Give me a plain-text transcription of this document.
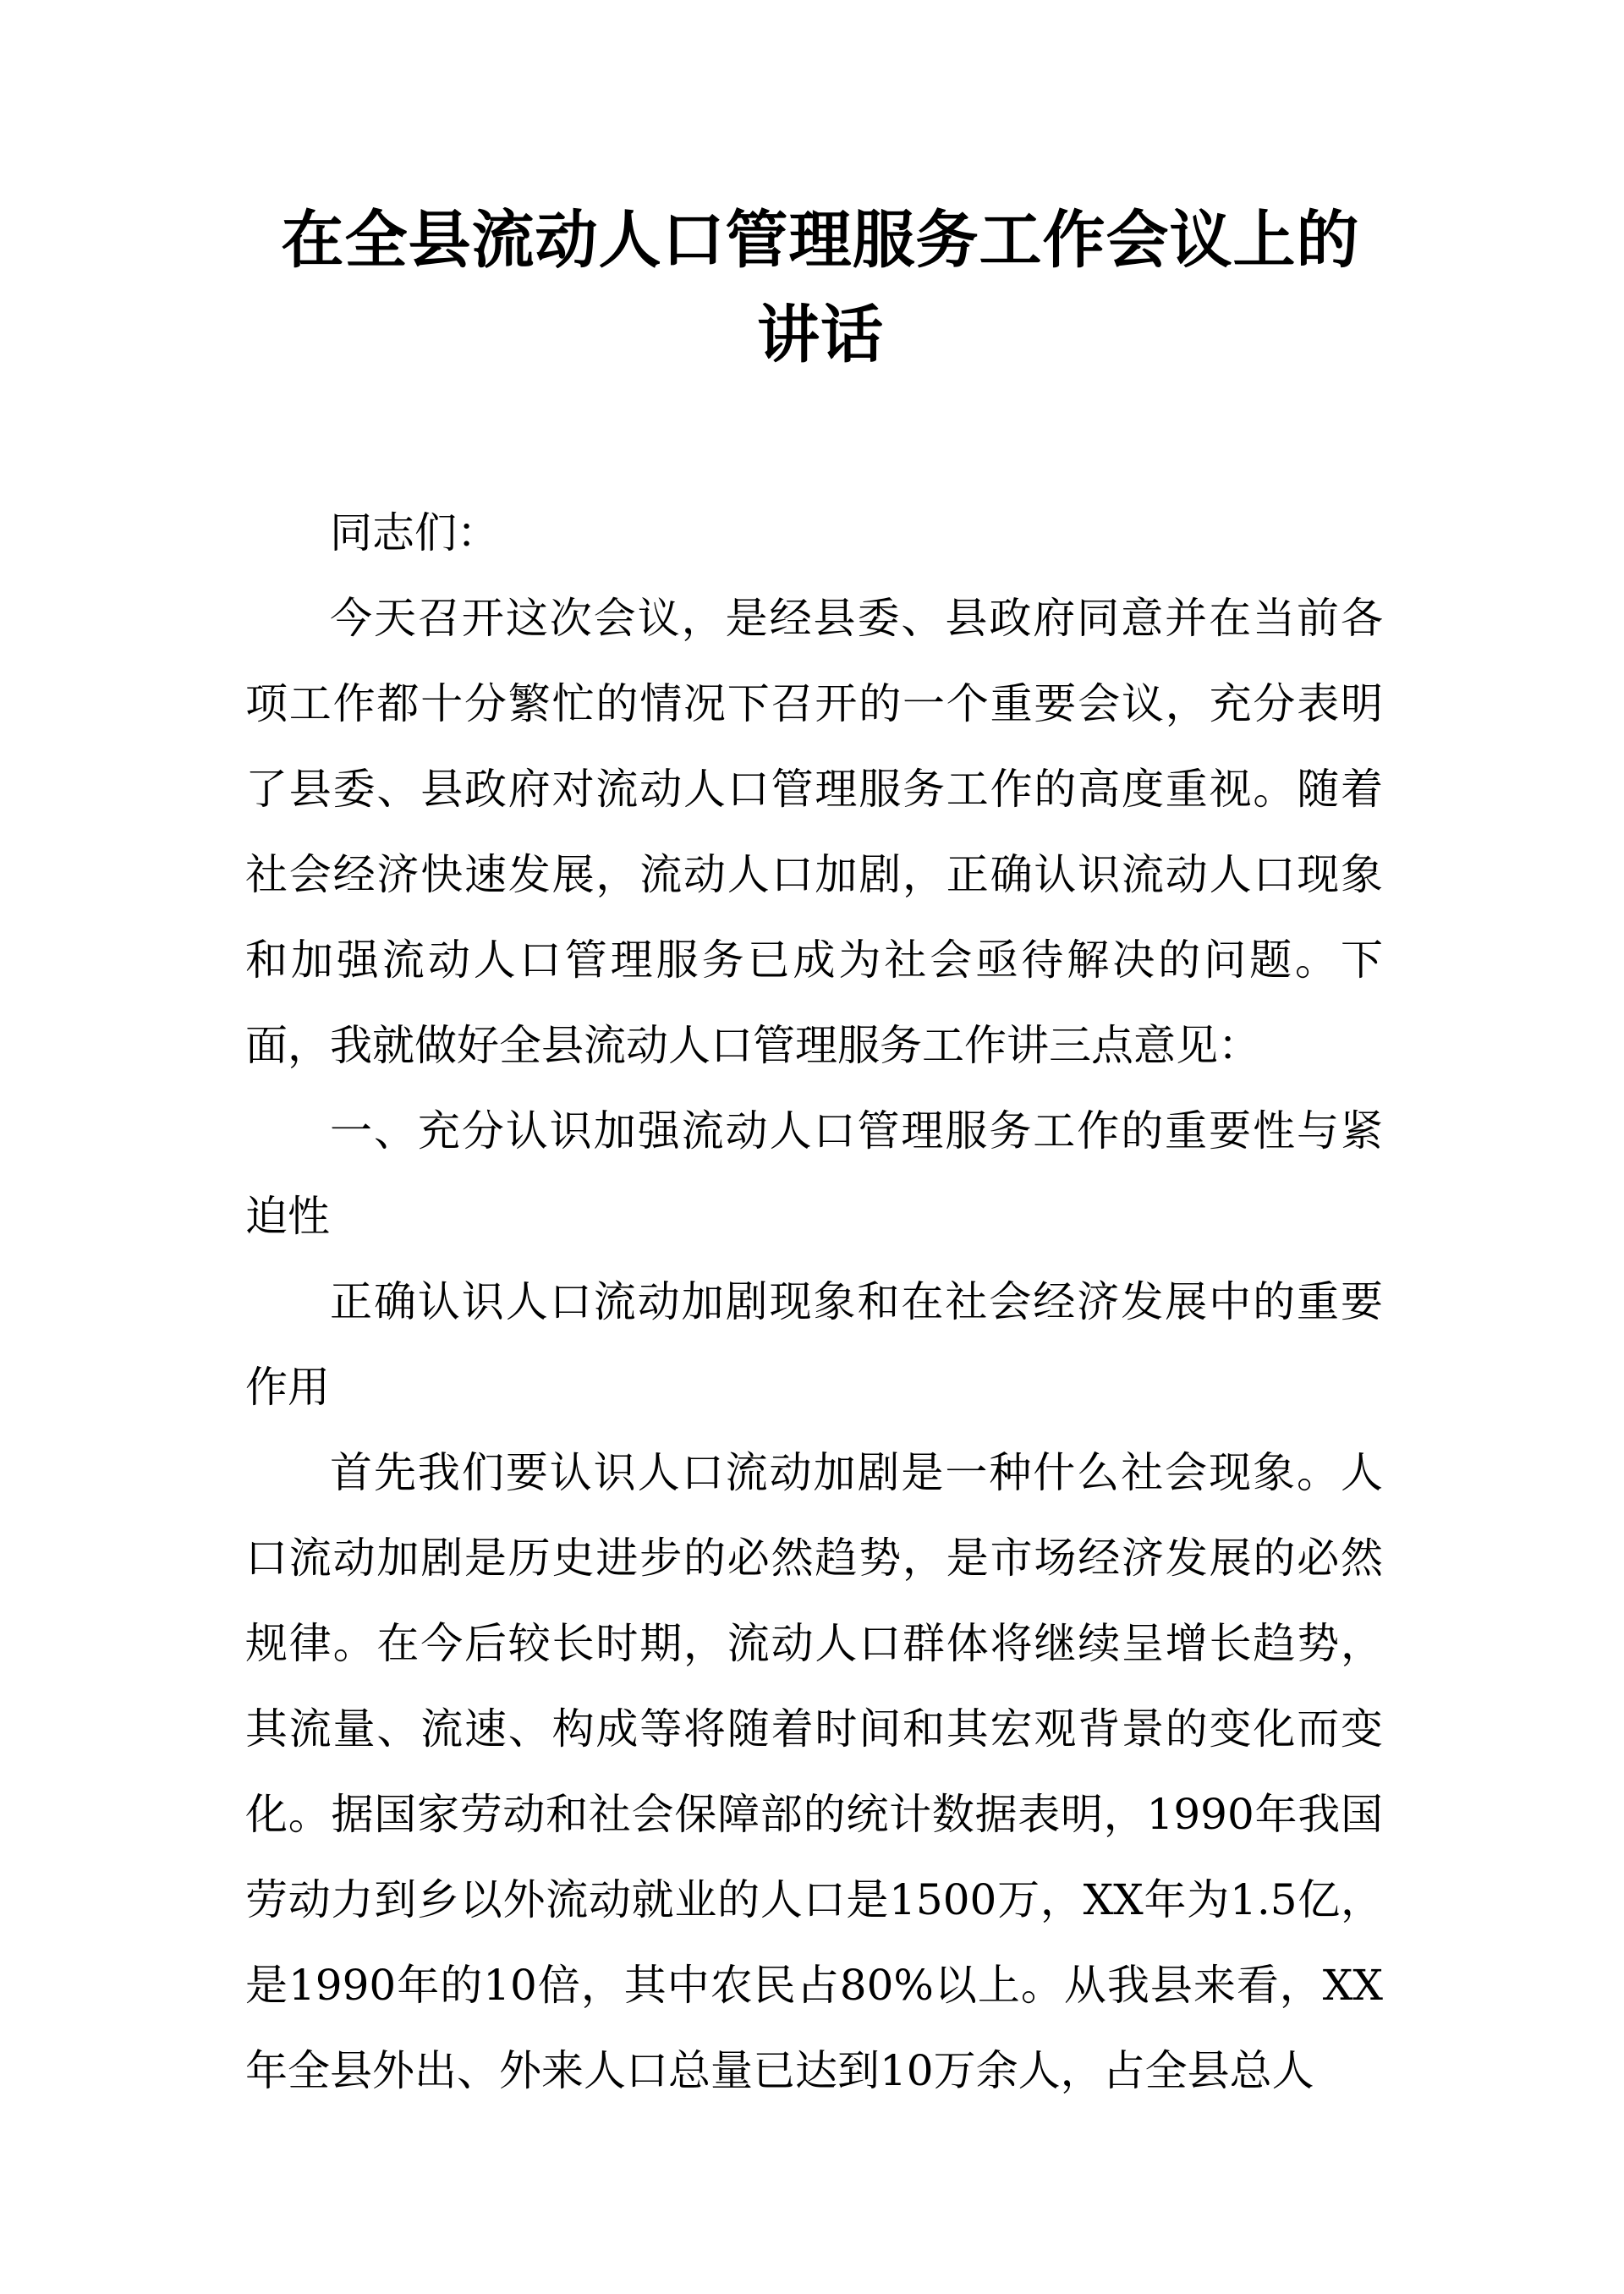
在全县流动人口管理服务工作会议上的讲话

同志们：

今天召开这次会议，是经县委、县政府同意并在当前各项工作都十分繁忙的情况下召开的一个重要会议，充分表明了县委、县政府对流动人口管理服务工作的高度重视。随着社会经济快速发展，流动人口加剧，正确认识流动人口现象和加强流动人口管理服务已成为社会亟待解决的问题。下面，我就做好全县流动人口管理服务工作讲三点意见：

一、充分认识加强流动人口管理服务工作的重要性与紧迫性

正确认识人口流动加剧现象和在社会经济发展中的重要作用

首先我们要认识人口流动加剧是一种什么社会现象。人口流动加剧是历史进步的必然趋势，是市场经济发展的必然规律。在今后较长时期，流动人口群体将继续呈增长趋势，其流量、流速、构成等将随着时间和其宏观背景的变化而变化。据国家劳动和社会保障部的统计数据表明，1990年我国劳动力到乡以外流动就业的人口是1500万，XX年为1.5亿，是1990年的10倍，其中农民占80%以上。从我县来看，XX年全县外出、外来人口总量已达到10万余人，占全县总人
